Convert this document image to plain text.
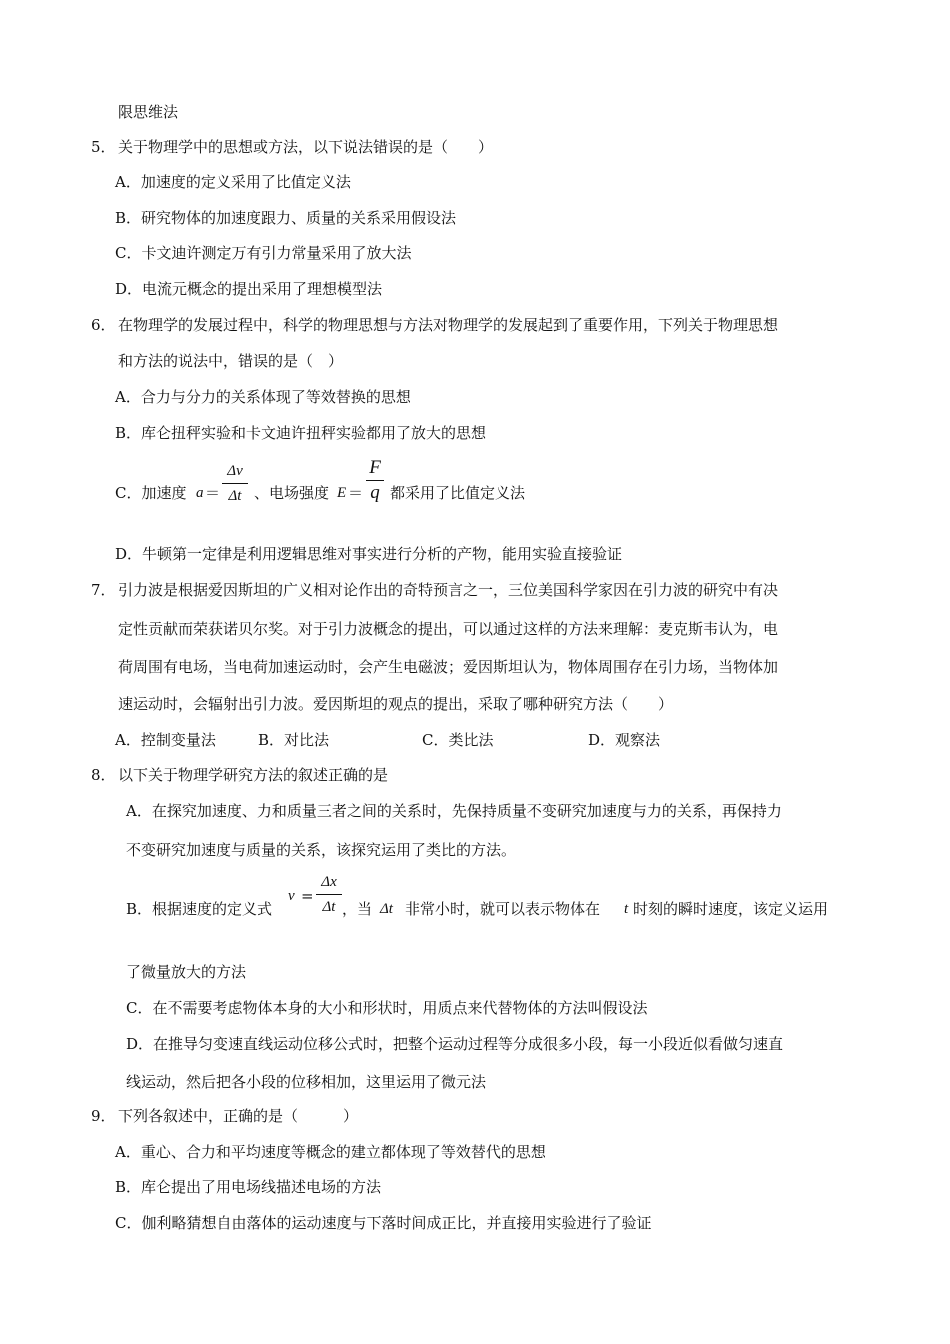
限思维法
5． 关于物理学中的思想或方法，以下说法错误的是（　　）
A．加速度的定义采用了比值定义法
B．研究物体的加速度跟力、质量的关系采用假设法
C．卡文迪许测定万有引力常量采用了放大法
D．电流元概念的提出采用了理想模型法
6． 在物理学的发展过程中，科学的物理思想与方法对物理学的发展起到了重要作用，下列关于物理思想
和方法的说法中，错误的是（　）
A．合力与分力的关系体现了等效替换的思想
B．库仑扭秤实验和卡文迪许扭秤实验都用了放大的思想
C．加速度 a ＝
Δv
Δt 、电场强度 E ＝
F
q 都采用了比值定义法
D．牛顿第一定律是利用逻辑思维对事实进行分析的产物，能用实验直接验证
7． 引力波是根据爱因斯坦的广义相对论作出的奇特预言之一，三位美国科学家因在引力波的研究中有决
定性贡献而荣获诺贝尔奖。对于引力波概念的提出，可以通过这样的方法来理解：麦克斯韦认为，电
荷周围有电场，当电荷加速运动时，会产生电磁波；爱因斯坦认为，物体周围存在引力场，当物体加
速运动时，会辐射出引力波。爱因斯坦的观点的提出，采取了哪种研究方法（　　）
A．控制变量法	B．对比法	C．类比法	D．观察法
8． 以下关于物理学研究方法的叙述正确的是
A．在探究加速度、力和质量三者之间的关系时，先保持质量不变研究加速度与力的关系，再保持力
不变研究加速度与质量的关系，该探究运用了类比的方法。
B．根据速度的定义式
v =
Δx
Δt ，当 Δt 非常小时，就可以表示物体在 t 时刻的瞬时速度，该定义运用
了微量放大的方法
C．在不需要考虑物体本身的大小和形状时，用质点来代替物体的方法叫假设法
D．在推导匀变速直线运动位移公式时，把整个运动过程等分成很多小段，每一小段近似看做匀速直
线运动，然后把各小段的位移相加，这里运用了微元法
9． 下列各叙述中，正确的是（　　　）
A．重心、合力和平均速度等概念的建立都体现了等效替代的思想
B．库仑提出了用电场线描述电场的方法
C．伽利略猜想自由落体的运动速度与下落时间成正比，并直接用实验进行了验证
